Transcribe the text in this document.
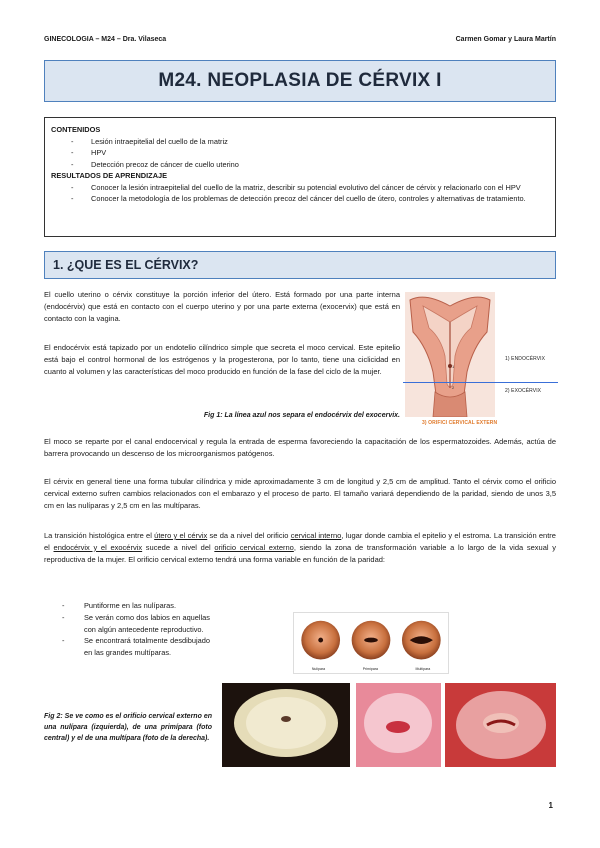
GINECOLOGIA – M24 – Dra. Vilaseca	Carmen Gomar y Laura Martín
M24. NEOPLASIA DE CÉRVIX I
CONTENIDOS
- Lesión intraepitelial del cuello de la matriz
- HPV
- Detección precoz de cáncer de cuello uterino
RESULTADOS DE APRENDIZAJE
- Conocer la lesión intraepitelial del cuello de la matriz, describir su potencial evolutivo del cáncer de cérvix y relacionarlo con el HPV
- Conocer la metodología de los problemas de detección precoz del cáncer del cuello de útero, controles y alternativas de tratamiento.
1. ¿QUE ES EL CÉRVIX?

El cuello uterino o cérvix constituye la porción inferior del útero. Está formado por una parte interna (endocérvix) que está en contacto con el cuerpo uterino y por una parte externa (exocervix) que está en contacto con la vagina.

El endocérvix está tapizado por un endotelio cilíndrico simple que secreta el moco cervical. Este epitelio está bajo el control hormonal de los estrógenos y la progesterona, por lo tanto, tiene una ciclicidad en cuanto al volumen y las características del moco producido en función de la fase del ciclo de la mujer.

1
2
1) ENDOCÉRVIX
2) EXOCÉRVIX
3) ORIFICI CERVICAL EXTERN
Fig 1: La línea azul nos separa el endocérvix del exocervix.

El moco se reparte por el canal endocervical y regula la entrada de esperma favoreciendo la capacitación de los espermatozoides. Además, actúa de barrera provocando un descenso de los microorganismos patógenos.

El cérvix en general tiene una forma tubular cilíndrica y mide aproximadamente 3 cm de longitud y 2,5 cm de amplitud. Tanto el cérvix como el orificio cervical externo sufren cambios relacionados con el embarazo y el proceso de parto. El tamaño variará dependiendo de la paridad, siendo de unos 3,5 cm en las nulíparas y 2,5 cm en las multíparas.

La transición histológica entre el útero y el cérvix se da a nivel del orificio cervical interno, lugar donde cambia el epitelio y el estroma. La transición entre el endocérvix y el exocérvix sucede a nivel del orificio cervical externo, siendo la zona de transformación variable a lo largo de la vida sexual y reproductiva de la mujer. El orificio cervical externo tendrá una forma variable en función de la paridad:

- Puntiforme en las nulíparas.
- Se verán como dos labios en aquellas con algún antecedente reproductivo.
- Se encontrará totalmente desdibujado en las grandes multíparas.
Nulípara	Primípara	Multípara
Fig 2: Se ve como es el orificio cervical externo en una nulípara (izquierda), de una primípara (foto central) y el de una multípara (foto de la derecha).
1
